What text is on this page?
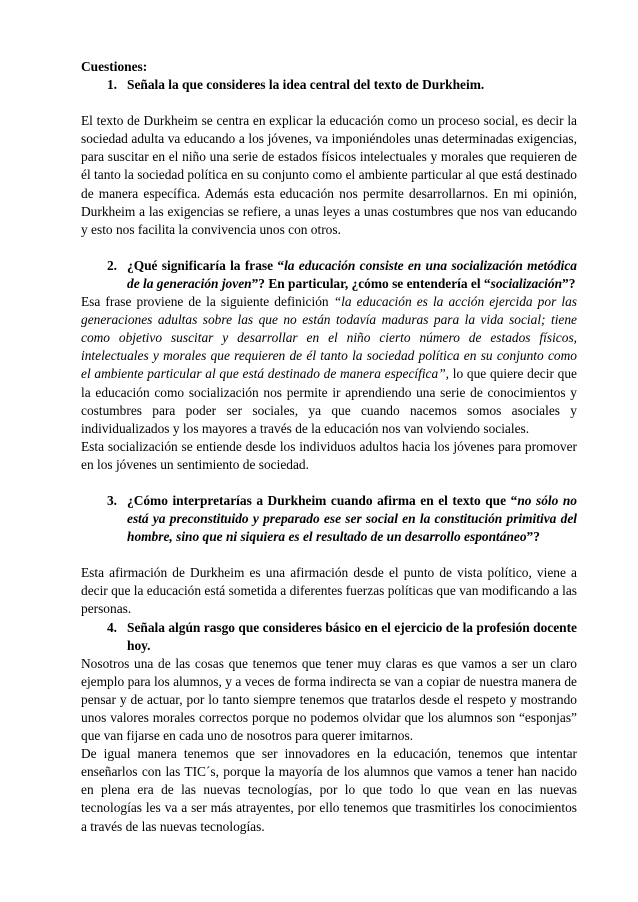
Cuestiones:

1. Señala la que consideres la idea central del texto de Durkheim.

El texto de Durkheim se centra en explicar la educación como un proceso social, es decir la sociedad adulta va educando a los jóvenes, va imponiéndoles unas determinadas exigencias, para suscitar en el niño una serie de estados físicos intelectuales y morales que requieren de él tanto la sociedad política en su conjunto como el ambiente particular al que está destinado de manera específica. Además esta educación nos permite desarrollarnos. En mi opinión, Durkheim a las exigencias se refiere, a unas leyes a unas costumbres que nos van educando y esto nos facilita la convivencia unos con otros.

2. ¿Qué significaría la frase “la educación consiste en una socialización metódica de la generación joven”? En particular, ¿cómo se entendería el “socialización”?

Esa frase proviene de la siguiente definición “la educación es la acción ejercida por las generaciones adultas sobre las que no están todavía maduras para la vida social; tiene como objetivo suscitar y desarrollar en el niño cierto número de estados físicos, intelectuales y morales que requieren de él tanto la sociedad política en su conjunto como el ambiente particular al que está destinado de manera específica”, lo que quiere decir que la educación como socialización nos permite ir aprendiendo una serie de conocimientos y costumbres para poder ser sociales, ya que cuando nacemos somos asociales y individualizados y los mayores a través de la educación nos van volviendo sociales.

Esta socialización se entiende desde los individuos adultos hacia los jóvenes para promover en los jóvenes un sentimiento de sociedad.

3. ¿Cómo interpretarías a Durkheim cuando afirma en el texto que “no sólo no está ya preconstituido y preparado ese ser social en la constitución primitiva del hombre, sino que ni siquiera es el resultado de un desarrollo espontáneo”?

Esta afirmación de Durkheim es una afirmación desde el punto de vista político, viene a decir que la educación está sometida a diferentes fuerzas políticas que van modificando a las personas.

4. Señala algún rasgo que consideres básico en el ejercicio de la profesión docente hoy.

Nosotros una de las cosas que tenemos que tener muy claras es que vamos a ser un claro ejemplo para los alumnos, y a veces de forma indirecta se van a copiar de nuestra manera de pensar y de actuar, por lo tanto siempre tenemos que tratarlos desde el respeto y mostrando unos valores morales correctos porque no podemos olvidar que los alumnos son “esponjas” que van fijarse en cada uno de nosotros para querer imitarnos.

De igual manera tenemos que ser innovadores en la educación, tenemos que intentar enseñarlos con las TIC´s, porque la mayoría de los alumnos que vamos a tener han nacido en plena era de las nuevas tecnologías, por lo que todo lo que vean en las nuevas tecnologías les va a ser más atrayentes, por ello tenemos que trasmitirles los conocimientos a través de las nuevas tecnologías.
